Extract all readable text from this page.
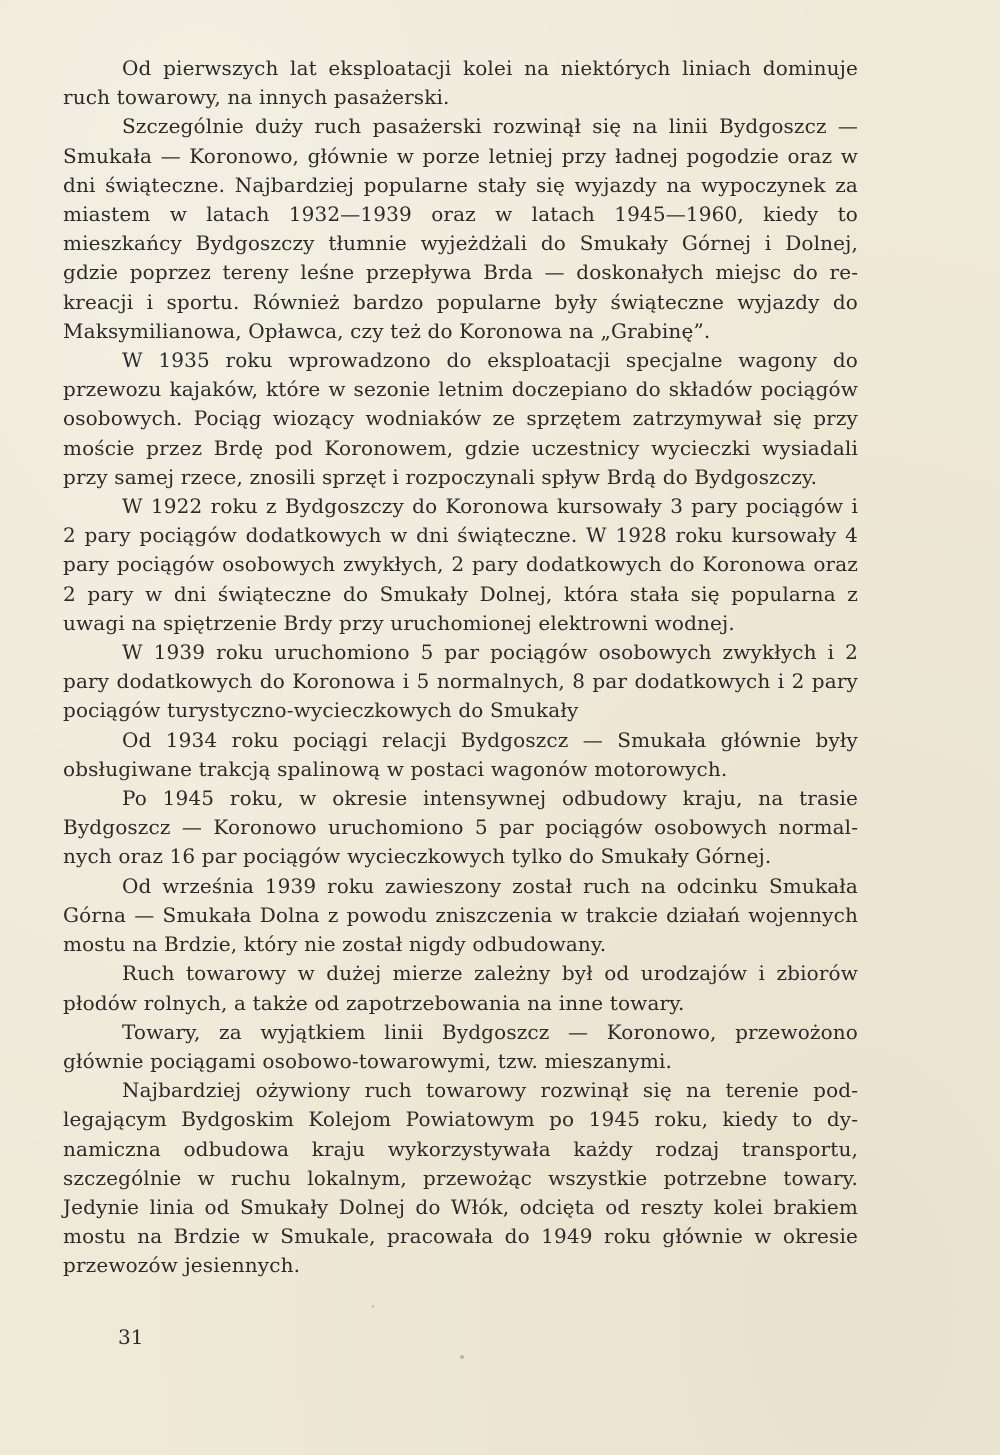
Od pierwszych lat eksploatacji kolei na niektórych liniach dominuje ruch towarowy, na innych pasażerski.

Szczególnie duży ruch pasażerski rozwinął się na linii Bydgoszcz — Smukała — Koronowo, głównie w porze letniej przy ładnej pogodzie oraz w dni świąteczne. Najbardziej popularne stały się wyjazdy na wypoczynek za miastem w latach 1932—1939 oraz w latach 1945—1960, kiedy to mieszkańcy Bydgoszczy tłumnie wyjeżdżali do Smukały Górnej i Dolnej, gdzie poprzez tereny leśne przepływa Brda — doskonałych miejsc do rekreacji i sportu. Również bardzo popularne były świąteczne wyjazdy do Maksymilianowa, Opławca, czy też do Koronowa na „Grabinę”.

W 1935 roku wprowadzono do eksploatacji specjalne wagony do przewozu kajaków, które w sezonie letnim doczepiano do składów pociągów osobowych. Pociąg wiozący wodniaków ze sprzętem zatrzymywał się przy moście przez Brdę pod Koronowem, gdzie uczestnicy wycieczki wysiadali przy samej rzece, znosili sprzęt i rozpoczynali spływ Brdą do Bydgoszczy.

W 1922 roku z Bydgoszczy do Koronowa kursowały 3 pary pociągów i 2 pary pociągów dodatkowych w dni świąteczne. W 1928 roku kursowały 4 pary pociągów osobowych zwykłych, 2 pary dodatkowych do Koronowa oraz 2 pary w dni świąteczne do Smukały Dolnej, która stała się popularna z uwagi na spiętrzenie Brdy przy uruchomionej elektrowni wodnej.

W 1939 roku uruchomiono 5 par pociągów osobowych zwykłych i 2 pary dodatkowych do Koronowa i 5 normalnych, 8 par dodatkowych i 2 pary pociągów turystyczno-wycieczkowych do Smukały

Od 1934 roku pociągi relacji Bydgoszcz — Smukała głównie były obsługiwane trakcją spalinową w postaci wagonów motorowych.

Po 1945 roku, w okresie intensywnej odbudowy kraju, na trasie Bydgoszcz — Koronowo uruchomiono 5 par pociągów osobowych normalnych oraz 16 par pociągów wycieczkowych tylko do Smukały Górnej.

Od września 1939 roku zawieszony został ruch na odcinku Smukała Górna — Smukała Dolna z powodu zniszczenia w trakcie działań wojennych mostu na Brdzie, który nie został nigdy odbudowany.

Ruch towarowy w dużej mierze zależny był od urodzajów i zbiorów płodów rolnych, a także od zapotrzebowania na inne towary.

Towary, za wyjątkiem linii Bydgoszcz — Koronowo, przewożono głównie pociągami osobowo-towarowymi, tzw. mieszanymi.

Najbardziej ożywiony ruch towarowy rozwinął się na terenie podlegającym Bydgoskim Kolejom Powiatowym po 1945 roku, kiedy to dynamiczna odbudowa kraju wykorzystywała każdy rodzaj transportu, szczególnie w ruchu lokalnym, przewożąc wszystkie potrzebne towary. Jedynie linia od Smukały Dolnej do Włók, odcięta od reszty kolei brakiem mostu na Brdzie w Smukale, pracowała do 1949 roku głównie w okresie przewozów jesiennych.

31
